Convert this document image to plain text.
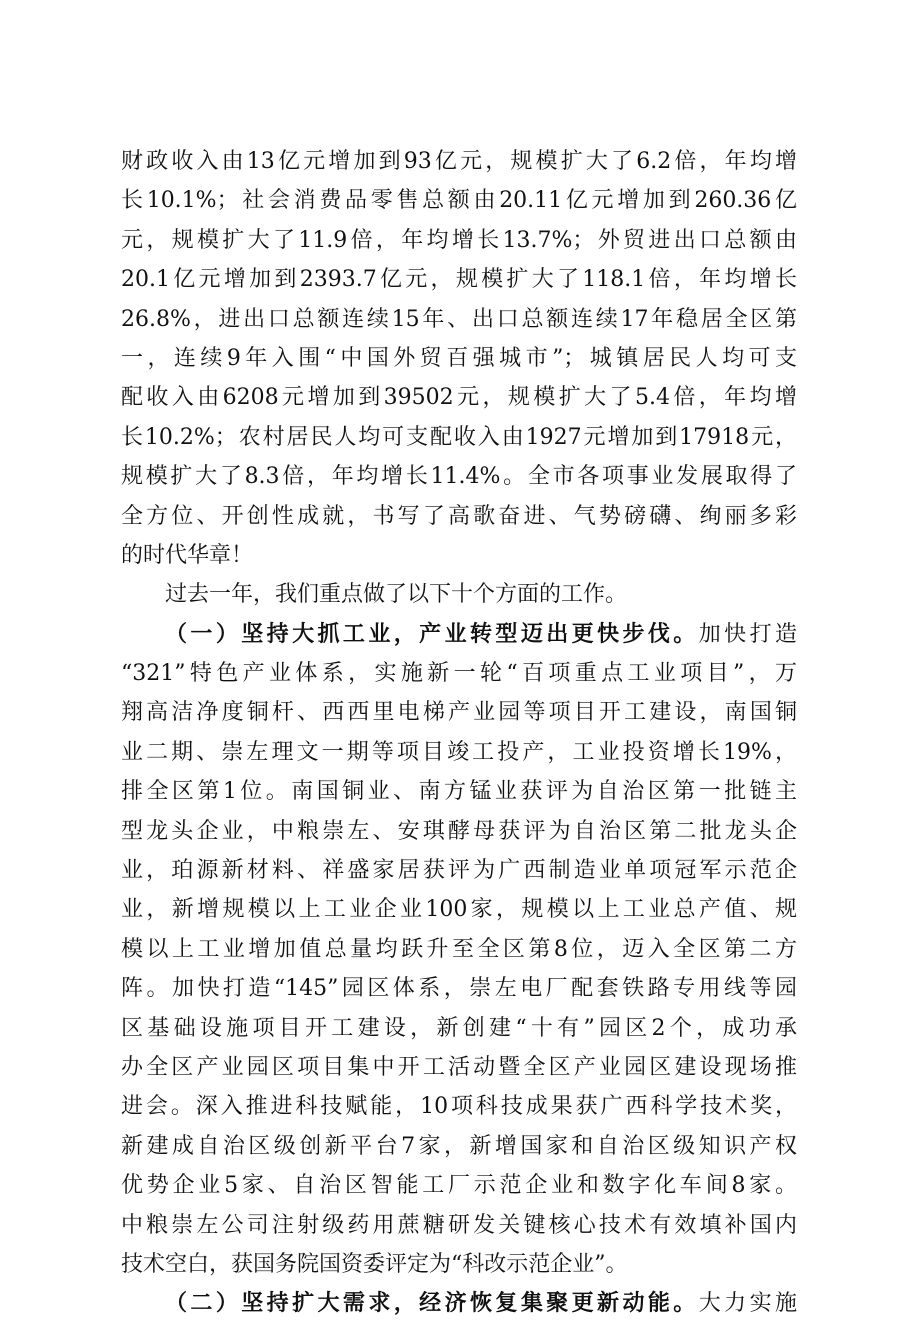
财政收入由13亿元增加到93亿元，规模扩大了6.2倍，年均增
长10.1%；社会消费品零售总额由20.11亿元增加到260.36亿
元，规模扩大了11.9倍，年均增长13.7%；外贸进出口总额由
20.1亿元增加到2393.7亿元，规模扩大了118.1倍，年均增长
26.8%，进出口总额连续15年、出口总额连续17年稳居全区第
一，连续9年入围“中国外贸百强城市”；城镇居民人均可支
配收入由6208元增加到39502元，规模扩大了5.4倍，年均增
长10.2%；农村居民人均可支配收入由1927元增加到17918元，
规模扩大了8.3倍，年均增长11.4%。全市各项事业发展取得了
全方位、开创性成就，书写了高歌奋进、气势磅礴、绚丽多彩
的时代华章！
过去一年，我们重点做了以下十个方面的工作。
（一）坚持大抓工业，产业转型迈出更快步伐。加快打造
“321”特色产业体系，实施新一轮“百项重点工业项目”，万
翔高洁净度铜杆、西西里电梯产业园等项目开工建设，南国铜
业二期、崇左理文一期等项目竣工投产，工业投资增长19%，
排全区第1位。南国铜业、南方锰业获评为自治区第一批链主
型龙头企业，中粮崇左、安琪酵母获评为自治区第二批龙头企
业，珀源新材料、祥盛家居获评为广西制造业单项冠军示范企
业，新增规模以上工业企业100家，规模以上工业总产值、规
模以上工业增加值总量均跃升至全区第8位，迈入全区第二方
阵。加快打造“145”园区体系，崇左电厂配套铁路专用线等园
区基础设施项目开工建设，新创建“十有”园区2个，成功承
办全区产业园区项目集中开工活动暨全区产业园区建设现场推
进会。深入推进科技赋能，10项科技成果获广西科学技术奖，
新建成自治区级创新平台7家，新增国家和自治区级知识产权
优势企业5家、自治区智能工厂示范企业和数字化车间8家。
中粮崇左公司注射级药用蔗糖研发关键核心技术有效填补国内
技术空白，获国务院国资委评定为“科改示范企业”。
（二）坚持扩大需求，经济恢复集聚更新动能。大力实施
